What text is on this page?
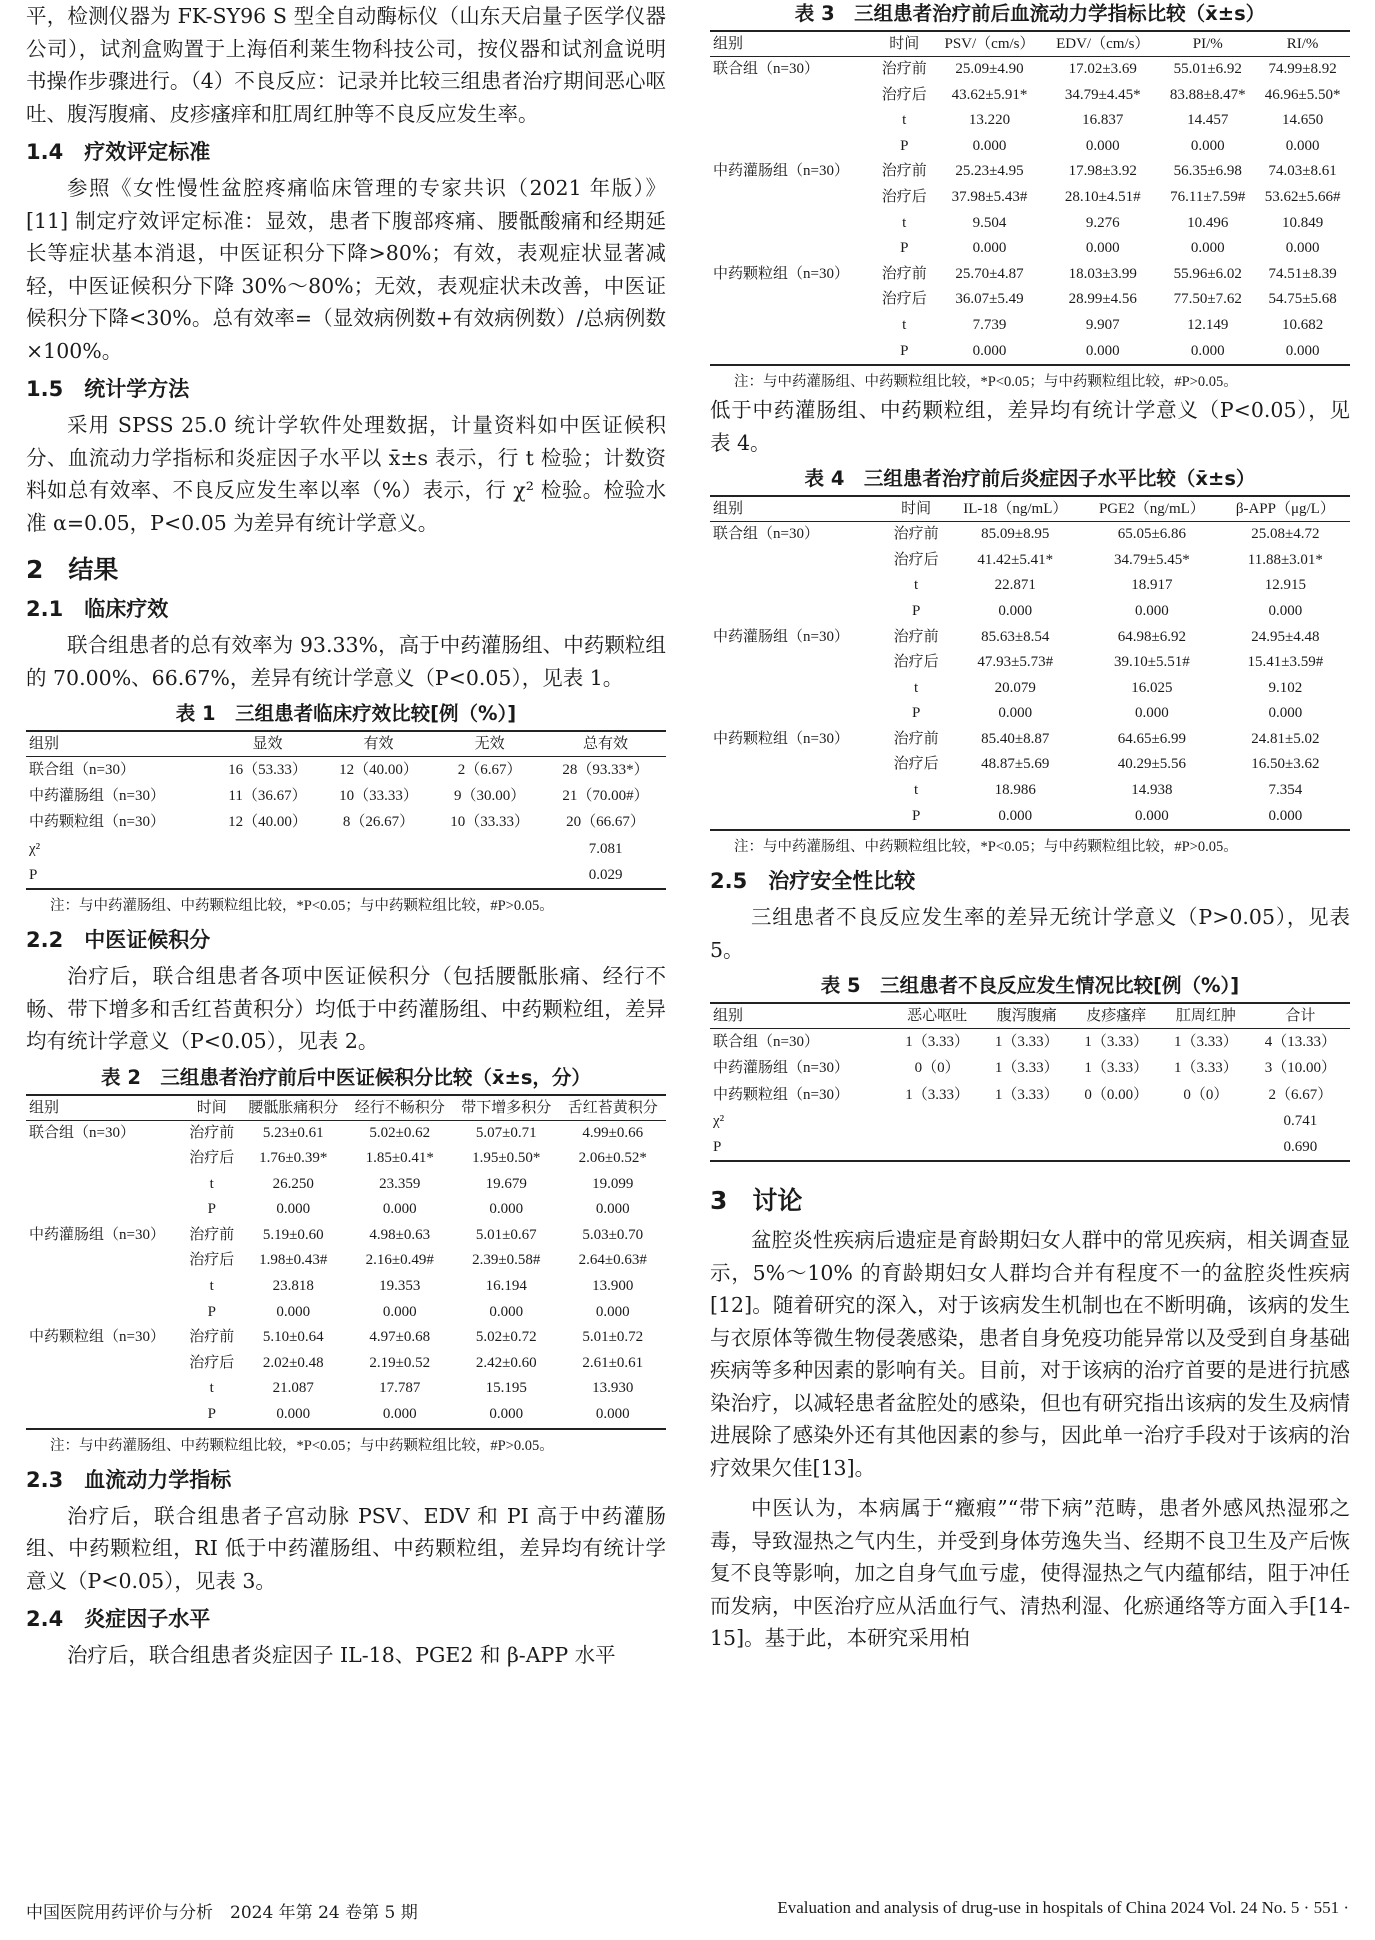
平，检测仪器为 FK-SY96 S 型全自动酶标仪（山东天启量子医学仪器公司），试剂盒购置于上海佰利莱生物科技公司，按仪器和试剂盒说明书操作步骤进行。（4）不良反应：记录并比较三组患者治疗期间恶心呕吐、腹泻腹痛、皮疹瘙痒和肛周红肿等不良反应发生率。

1.4　疗效评定标准

参照《女性慢性盆腔疼痛临床管理的专家共识（2021 年版）》[11] 制定疗效评定标准：显效，患者下腹部疼痛、腰骶酸痛和经期延长等症状基本消退，中医证积分下降>80%；有效，表观症状显著减轻，中医证候积分下降 30%～80%；无效，表观症状未改善，中医证候积分下降<30%。总有效率=（显效病例数+有效病例数）/总病例数×100%。

1.5　统计学方法

采用 SPSS 25.0 统计学软件处理数据，计量资料如中医证候积分、血流动力学指标和炎症因子水平以 x̄±s 表示，行 t 检验；计数资料如总有效率、不良反应发生率以率（%）表示，行 χ² 检验。检验水准 α=0.05，P<0.05 为差异有统计学意义。

2　结果
2.1　临床疗效

联合组患者的总有效率为 93.33%，高于中药灌肠组、中药颗粒组的 70.00%、66.67%，差异有统计学意义（P<0.05），见表 1。

表 1　三组患者临床疗效比较[例（%）]
组别	显效	有效	无效	总有效
联合组（n=30）	16（53.33）	12（40.00）	2（6.67）	28（93.33*）
中药灌肠组（n=30）	11（36.67）	10（33.33）	9（30.00）	21（70.00#）
中药颗粒组（n=30）	12（40.00）	8（26.67）	10（33.33）	20（66.67）
χ²				7.081
P				0.029
注：与中药灌肠组、中药颗粒组比较，*P<0.05；与中药颗粒组比较，#P>0.05。
2.2　中医证候积分

治疗后，联合组患者各项中医证候积分（包括腰骶胀痛、经行不畅、带下增多和舌红苔黄积分）均低于中药灌肠组、中药颗粒组，差异均有统计学意义（P<0.05），见表 2。

表 2　三组患者治疗前后中医证候积分比较（x̄±s，分）
组别	时间	腰骶胀痛积分	经行不畅积分	带下增多积分	舌红苔黄积分
联合组（n=30）	治疗前	5.23±0.61	5.02±0.62	5.07±0.71	4.99±0.66
	治疗后	1.76±0.39*	1.85±0.41*	1.95±0.50*	2.06±0.52*
	t	26.250	23.359	19.679	19.099
	P	0.000	0.000	0.000	0.000
中药灌肠组（n=30）	治疗前	5.19±0.60	4.98±0.63	5.01±0.67	5.03±0.70
	治疗后	1.98±0.43#	2.16±0.49#	2.39±0.58#	2.64±0.63#
	t	23.818	19.353	16.194	13.900
	P	0.000	0.000	0.000	0.000
中药颗粒组（n=30）	治疗前	5.10±0.64	4.97±0.68	5.02±0.72	5.01±0.72
	治疗后	2.02±0.48	2.19±0.52	2.42±0.60	2.61±0.61
	t	21.087	17.787	15.195	13.930
	P	0.000	0.000	0.000	0.000
注：与中药灌肠组、中药颗粒组比较，*P<0.05；与中药颗粒组比较，#P>0.05。
2.3　血流动力学指标

治疗后，联合组患者子宫动脉 PSV、EDV 和 PI 高于中药灌肠组、中药颗粒组，RI 低于中药灌肠组、中药颗粒组，差异均有统计学意义（P<0.05），见表 3。

2.4　炎症因子水平

治疗后，联合组患者炎症因子 IL-18、PGE2 和 β-APP 水平

表 3　三组患者治疗前后血流动力学指标比较（x̄±s）
组别	时间	PSV/（cm/s）	EDV/（cm/s）	PI/%	RI/%
联合组（n=30）	治疗前	25.09±4.90	17.02±3.69	55.01±6.92	74.99±8.92
	治疗后	43.62±5.91*	34.79±4.45*	83.88±8.47*	46.96±5.50*
	t	13.220	16.837	14.457	14.650
	P	0.000	0.000	0.000	0.000
中药灌肠组（n=30）	治疗前	25.23±4.95	17.98±3.92	56.35±6.98	74.03±8.61
	治疗后	37.98±5.43#	28.10±4.51#	76.11±7.59#	53.62±5.66#
	t	9.504	9.276	10.496	10.849
	P	0.000	0.000	0.000	0.000
中药颗粒组（n=30）	治疗前	25.70±4.87	18.03±3.99	55.96±6.02	74.51±8.39
	治疗后	36.07±5.49	28.99±4.56	77.50±7.62	54.75±5.68
	t	7.739	9.907	12.149	10.682
	P	0.000	0.000	0.000	0.000
注：与中药灌肠组、中药颗粒组比较，*P<0.05；与中药颗粒组比较，#P>0.05。

低于中药灌肠组、中药颗粒组，差异均有统计学意义（P<0.05），见表 4。

表 4　三组患者治疗前后炎症因子水平比较（x̄±s）
组别	时间	IL-18（ng/mL）	PGE2（ng/mL）	β-APP（μg/L）
联合组（n=30）	治疗前	85.09±8.95	65.05±6.86	25.08±4.72
	治疗后	41.42±5.41*	34.79±5.45*	11.88±3.01*
	t	22.871	18.917	12.915
	P	0.000	0.000	0.000
中药灌肠组（n=30）	治疗前	85.63±8.54	64.98±6.92	24.95±4.48
	治疗后	47.93±5.73#	39.10±5.51#	15.41±3.59#
	t	20.079	16.025	9.102
	P	0.000	0.000	0.000
中药颗粒组（n=30）	治疗前	85.40±8.87	64.65±6.99	24.81±5.02
	治疗后	48.87±5.69	40.29±5.56	16.50±3.62
	t	18.986	14.938	7.354
	P	0.000	0.000	0.000
注：与中药灌肠组、中药颗粒组比较，*P<0.05；与中药颗粒组比较，#P>0.05。
2.5　治疗安全性比较

三组患者不良反应发生率的差异无统计学意义（P>0.05），见表 5。

表 5　三组患者不良反应发生情况比较[例（%）]
组别	恶心呕吐	腹泻腹痛	皮疹瘙痒	肛周红肿	合计
联合组（n=30）	1（3.33）	1（3.33）	1（3.33）	1（3.33）	4（13.33）
中药灌肠组（n=30）	0（0）	1（3.33）	1（3.33）	1（3.33）	3（10.00）
中药颗粒组（n=30）	1（3.33）	1（3.33）	0（0.00）	0（0）	2（6.67）
χ²					0.741
P					0.690
3　讨论

盆腔炎性疾病后遗症是育龄期妇女人群中的常见疾病，相关调查显示，5%～10% 的育龄期妇女人群均合并有程度不一的盆腔炎性疾病[12]。随着研究的深入，对于该病发生机制也在不断明确，该病的发生与衣原体等微生物侵袭感染，患者自身免疫功能异常以及受到自身基础疾病等多种因素的影响有关。目前，对于该病的治疗首要的是进行抗感染治疗，以减轻患者盆腔处的感染，但也有研究指出该病的发生及病情进展除了感染外还有其他因素的参与，因此单一治疗手段对于该病的治疗效果欠佳[13]。

中医认为，本病属于“癥瘕”“带下病”范畴，患者外感风热湿邪之毒，导致湿热之气内生，并受到身体劳逸失当、经期不良卫生及产后恢复不良等影响，加之自身气血亏虚，使得湿热之气内蕴郁结，阻于冲任而发病，中医治疗应从活血行气、清热利湿、化瘀通络等方面入手[14-15]。基于此，本研究采用柏

中国医院用药评价与分析　2024 年第 24 卷第 5 期	Evaluation and analysis of drug-use in hospitals of China 2024 Vol. 24 No. 5 · 551 ·
